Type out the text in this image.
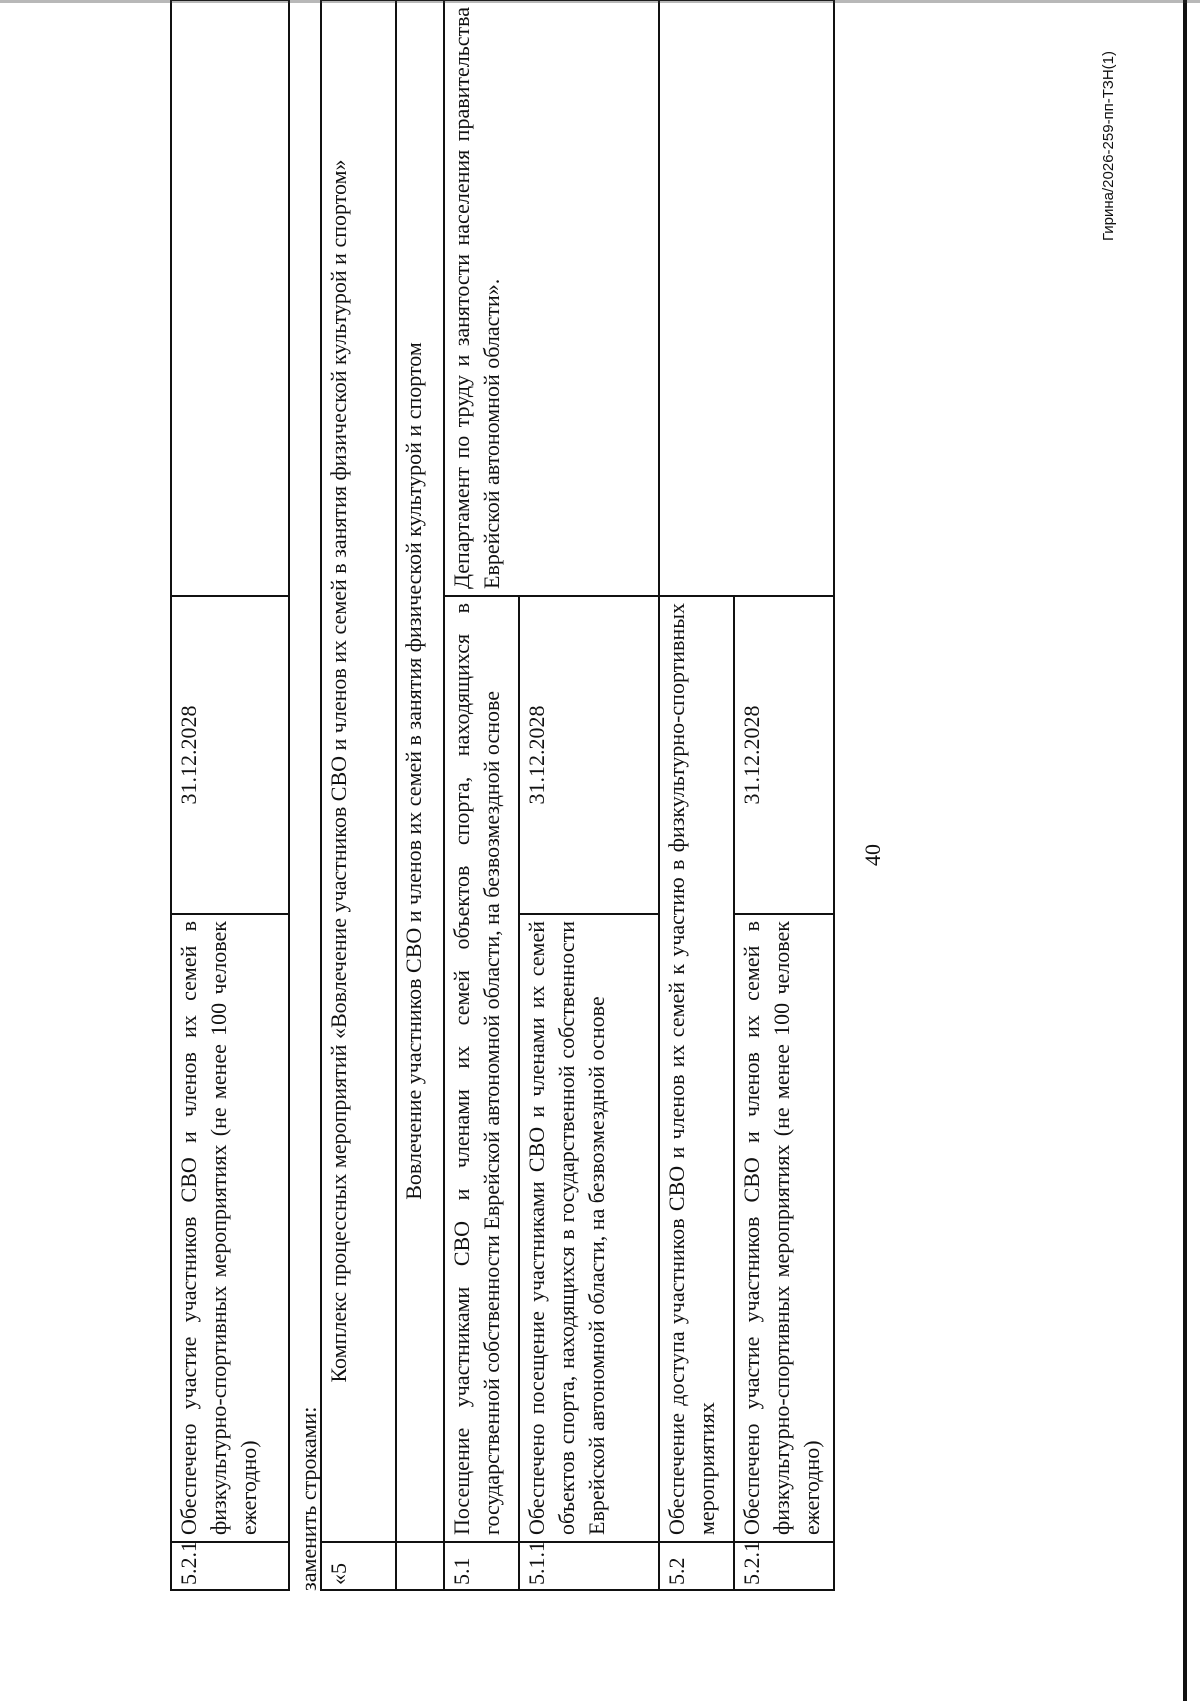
40
5.2.1	Обеспечено участие участников СВО и членов их семей в физкультурно-спортивных мероприятиях (не менее 100 человек ежегодно)	31.12.2028	
заменить строками: «5	Комплекс процессных мероприятий «Вовлечение участников СВО и членов их семей в занятия физической культурой и спортом»		
	Вовлечение участников СВО и членов их семей в занятия физической культурой и спортом		
5.1	Посещение участниками СВО и членами их семей объектов спорта, находящихся в государственной собственности Еврейской автономной области, на безвозмездной основе		Департамент по труду и занятости населения правительства Еврейской автономной области».
5.1.1	Обеспечено посещение участниками СВО и членами их семей объектов спорта, находящихся в государственной собственности Еврейской автономной области, на безвозмездной основе	31.12.2028	
5.2	Обеспечение доступа участников СВО и членов их семей к участию в физкультурно-спортивных мероприятиях		
5.2.1	Обеспечено участие участников СВО и членов их семей в физкультурно-спортивных мероприятиях (не менее 100 человек ежегодно)	31.12.2028	
Гирина/2026-259-пп-ТЗН(1)
